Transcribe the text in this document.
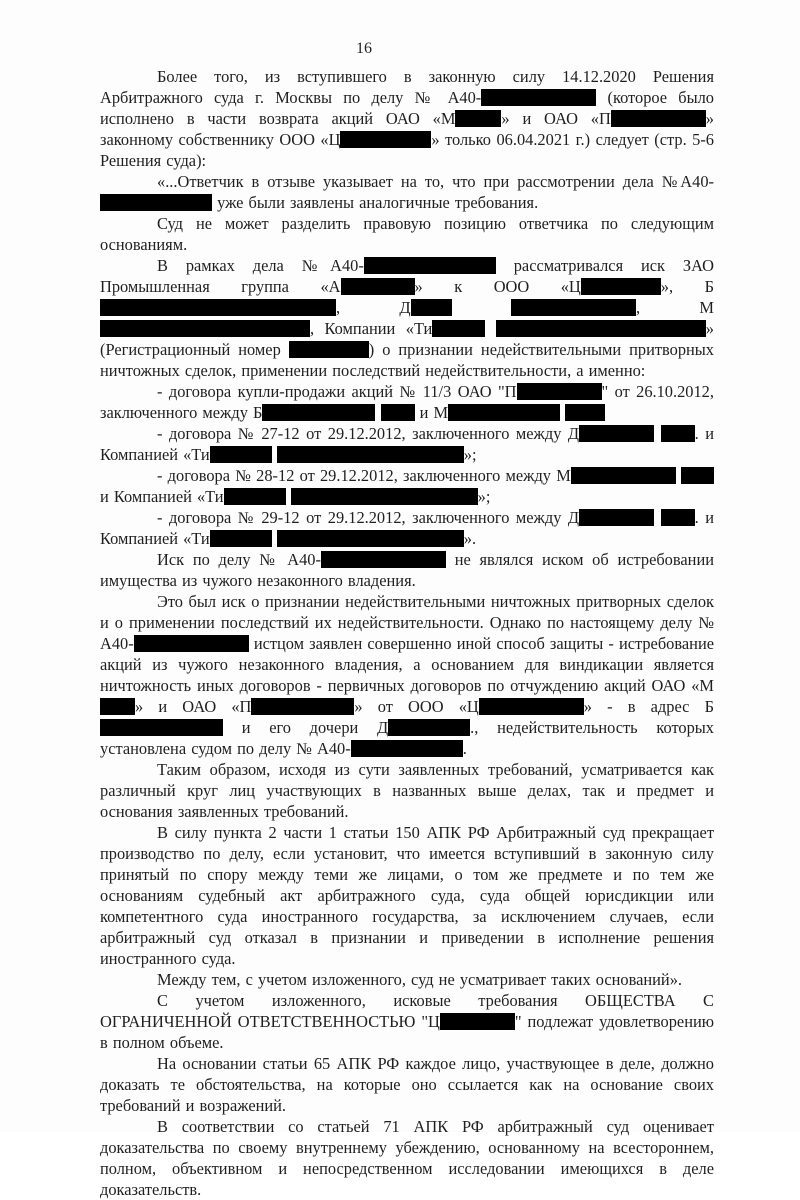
16

Более того, из вступившего в законную силу 14.12.2020 Решения Арбитражного суда г. Москвы по делу № А40-	(которое было исполнено в части возврата акций ОАО «М	» и ОАО «П	» законному собственнику ООО «Ц	» только 06.04.2021 г.) следует (стр. 5-6 Решения суда):

«...Ответчик в отзыве указывает на то, что при рассмотрении дела №А40- уже были заявлены аналогичные требования.

Суд не может разделить правовую позицию ответчика по следующим основаниям.

В рамках дела №А40-	рассматривался иск ЗАО Промышленная группа «А	» к ООО «Ц	», Б, Д	, М, Компании «Ти	» (Регистрационный номер	) о признании недействительными притворных ничтожных сделок, применении последствий недействительности, а именно:

- договора купли-продажи акций № 11/3 ОАО "П	" от 26.10.2012, заключенного между Б	и М

- договора № 27-12 от 29.12.2012, заключенного между Д	. и Компанией «Ти	»;

- договора № 28-12 от 29.12.2012, заключенного между М  и Компанией «Ти	»;

- договора № 29-12 от 29.12.2012, заключенного между Д	. и Компанией «Ти	».

Иск по делу № А40-	не являлся иском об истребовании имущества из чужого незаконного владения.

Это был иск о признании недействительными ничтожных притворных сделок и о применении последствий их недействительности. Однако по настоящему делу № А40-	истцом заявлен совершенно иной способ защиты - истребование акций из чужого незаконного владения, а основанием для виндикации является ничтожность иных договоров - первичных договоров по отчуждению акций ОАО «М» и ОАО «П	» от ООО «Ц	» - в адрес Б и его дочери Д	., недействительность которых установлена судом по делу № А40-	.

Таким образом, исходя из сути заявленных требований, усматривается как различный круг лиц участвующих в названных выше делах, так и предмет и основания заявленных требований.

В силу пункта 2 части 1 статьи 150 АПК РФ Арбитражный суд прекращает производство по делу, если установит, что имеется вступивший в законную силу принятый по спору между теми же лицами, о том же предмете и по тем же основаниям судебный акт арбитражного суда, суда общей юрисдикции или компетентного суда иностранного государства, за исключением случаев, если арбитражный суд отказал в признании и приведении в исполнение решения иностранного суда.

Между тем, с учетом изложенного, суд не усматривает таких оснований».

С учетом изложенного, исковые требования ОБЩЕСТВА С ОГРАНИЧЕННОЙ ОТВЕТСТВЕННОСТЬЮ "Ц	" подлежат удовлетворению в полном объеме.

На основании статьи 65 АПК РФ каждое лицо, участвующее в деле, должно доказать те обстоятельства, на которые оно ссылается как на основание своих требований и возражений.

В соответствии со статьей 71 АПК РФ арбитражный суд оценивает доказательства по своему внутреннему убеждению, основанному на всестороннем, полном, объективном и непосредственном исследовании имеющихся в деле доказательств.
